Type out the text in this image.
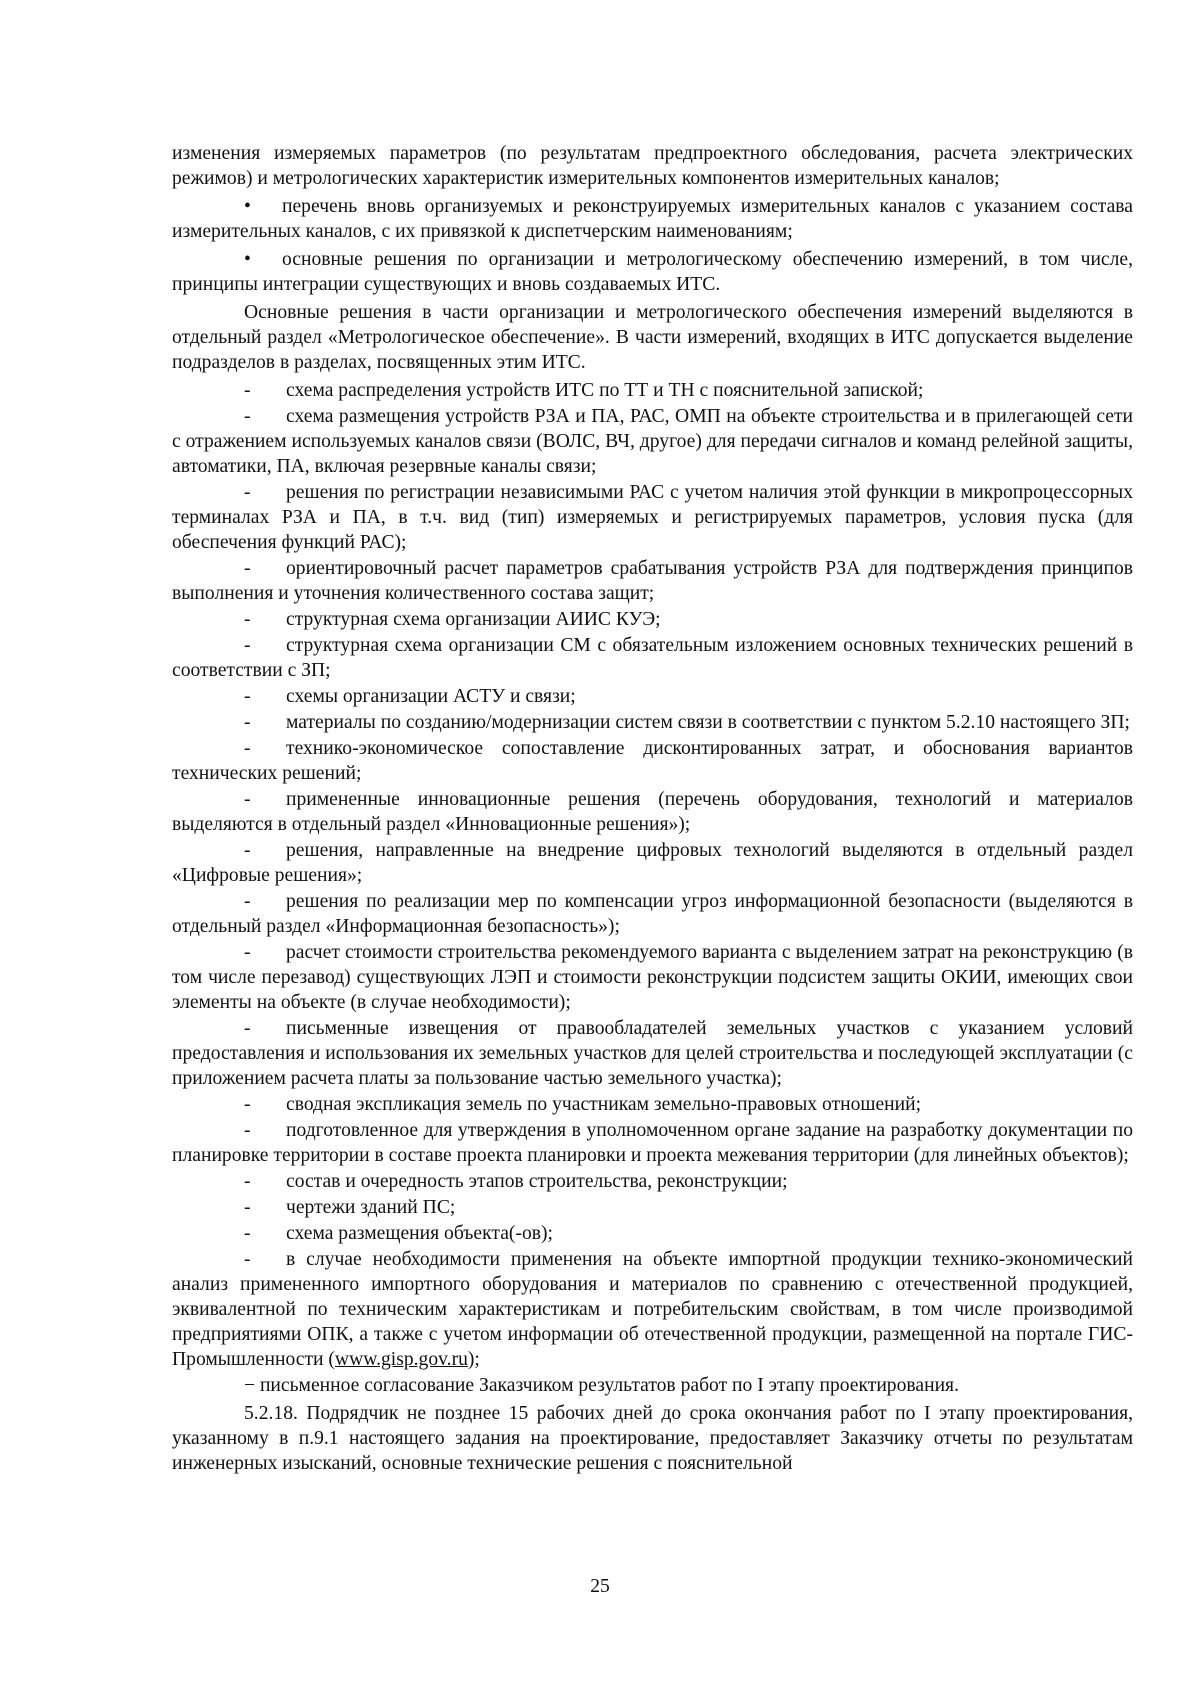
изменения измеряемых параметров (по результатам предпроектного обследования, расчета электрических режимов) и метрологических характеристик измерительных компонентов измерительных каналов;

• перечень вновь организуемых и реконструируемых измерительных каналов с указанием состава измерительных каналов, с их привязкой к диспетчерским наименованиям;

• основные решения по организации и метрологическому обеспечению измерений, в том числе, принципы интеграции существующих и вновь создаваемых ИТС.

Основные решения в части организации и метрологического обеспечения измерений выделяются в отдельный раздел «Метрологическое обеспечение». В части измерений, входящих в ИТС допускается выделение подразделов в разделах, посвященных этим ИТС.

- схема распределения устройств ИТС по ТТ и ТН с пояснительной запиской;

- схема размещения устройств РЗА и ПА, РАС, ОМП на объекте строительства и в прилегающей сети с отражением используемых каналов связи (ВОЛС, ВЧ, другое) для передачи сигналов и команд релейной защиты, автоматики, ПА, включая резервные каналы связи;

- решения по регистрации независимыми РАС с учетом наличия этой функции в микропроцессорных терминалах РЗА и ПА, в т.ч. вид (тип) измеряемых и регистрируемых параметров, условия пуска (для обеспечения функций РАС);

- ориентировочный расчет параметров срабатывания устройств РЗА для подтверждения принципов выполнения и уточнения количественного состава защит;

- структурная схема организации АИИС КУЭ;

- структурная схема организации СМ с обязательным изложением основных технических решений в соответствии с ЗП;

- схемы организации АСТУ и связи;

- материалы по созданию/модернизации систем связи в соответствии с пунктом 5.2.10 настоящего ЗП;

- технико-экономическое сопоставление дисконтированных затрат, и обоснования вариантов технических решений;

- примененные инновационные решения (перечень оборудования, технологий и материалов выделяются в отдельный раздел «Инновационные решения»);

- решения, направленные на внедрение цифровых технологий выделяются в отдельный раздел «Цифровые решения»;

- решения по реализации мер по компенсации угроз информационной безопасности (выделяются в отдельный раздел «Информационная безопасность»);

- расчет стоимости строительства рекомендуемого варианта с выделением затрат на реконструкцию (в том числе перезавод) существующих ЛЭП и стоимости реконструкции подсистем защиты ОКИИ, имеющих свои элементы на объекте (в случае необходимости);

- письменные извещения от правообладателей земельных участков с указанием условий предоставления и использования их земельных участков для целей строительства и последующей эксплуатации (с приложением расчета платы за пользование частью земельного участка);

- сводная экспликация земель по участникам земельно-правовых отношений;

- подготовленное для утверждения в уполномоченном органе задание на разработку документации по планировке территории в составе проекта планировки и проекта межевания территории (для линейных объектов);

- состав и очередность этапов строительства, реконструкции;

- чертежи зданий ПС;

- схема размещения объекта(-ов);

- в случае необходимости применения на объекте импортной продукции технико-экономический анализ примененного импортного оборудования и материалов по сравнению с отечественной продукцией, эквивалентной по техническим характеристикам и потребительским свойствам, в том числе производимой предприятиями ОПК, а также с учетом информации об отечественной продукции, размещенной на портале ГИС-Промышленности (www.gisp.gov.ru);

− письменное согласование Заказчиком результатов работ по I этапу проектирования.

5.2.18. Подрядчик не позднее 15 рабочих дней до срока окончания работ по I этапу проектирования, указанному в п.9.1 настоящего задания на проектирование, предоставляет Заказчику отчеты по результатам инженерных изысканий, основные технические решения с пояснительной

25
